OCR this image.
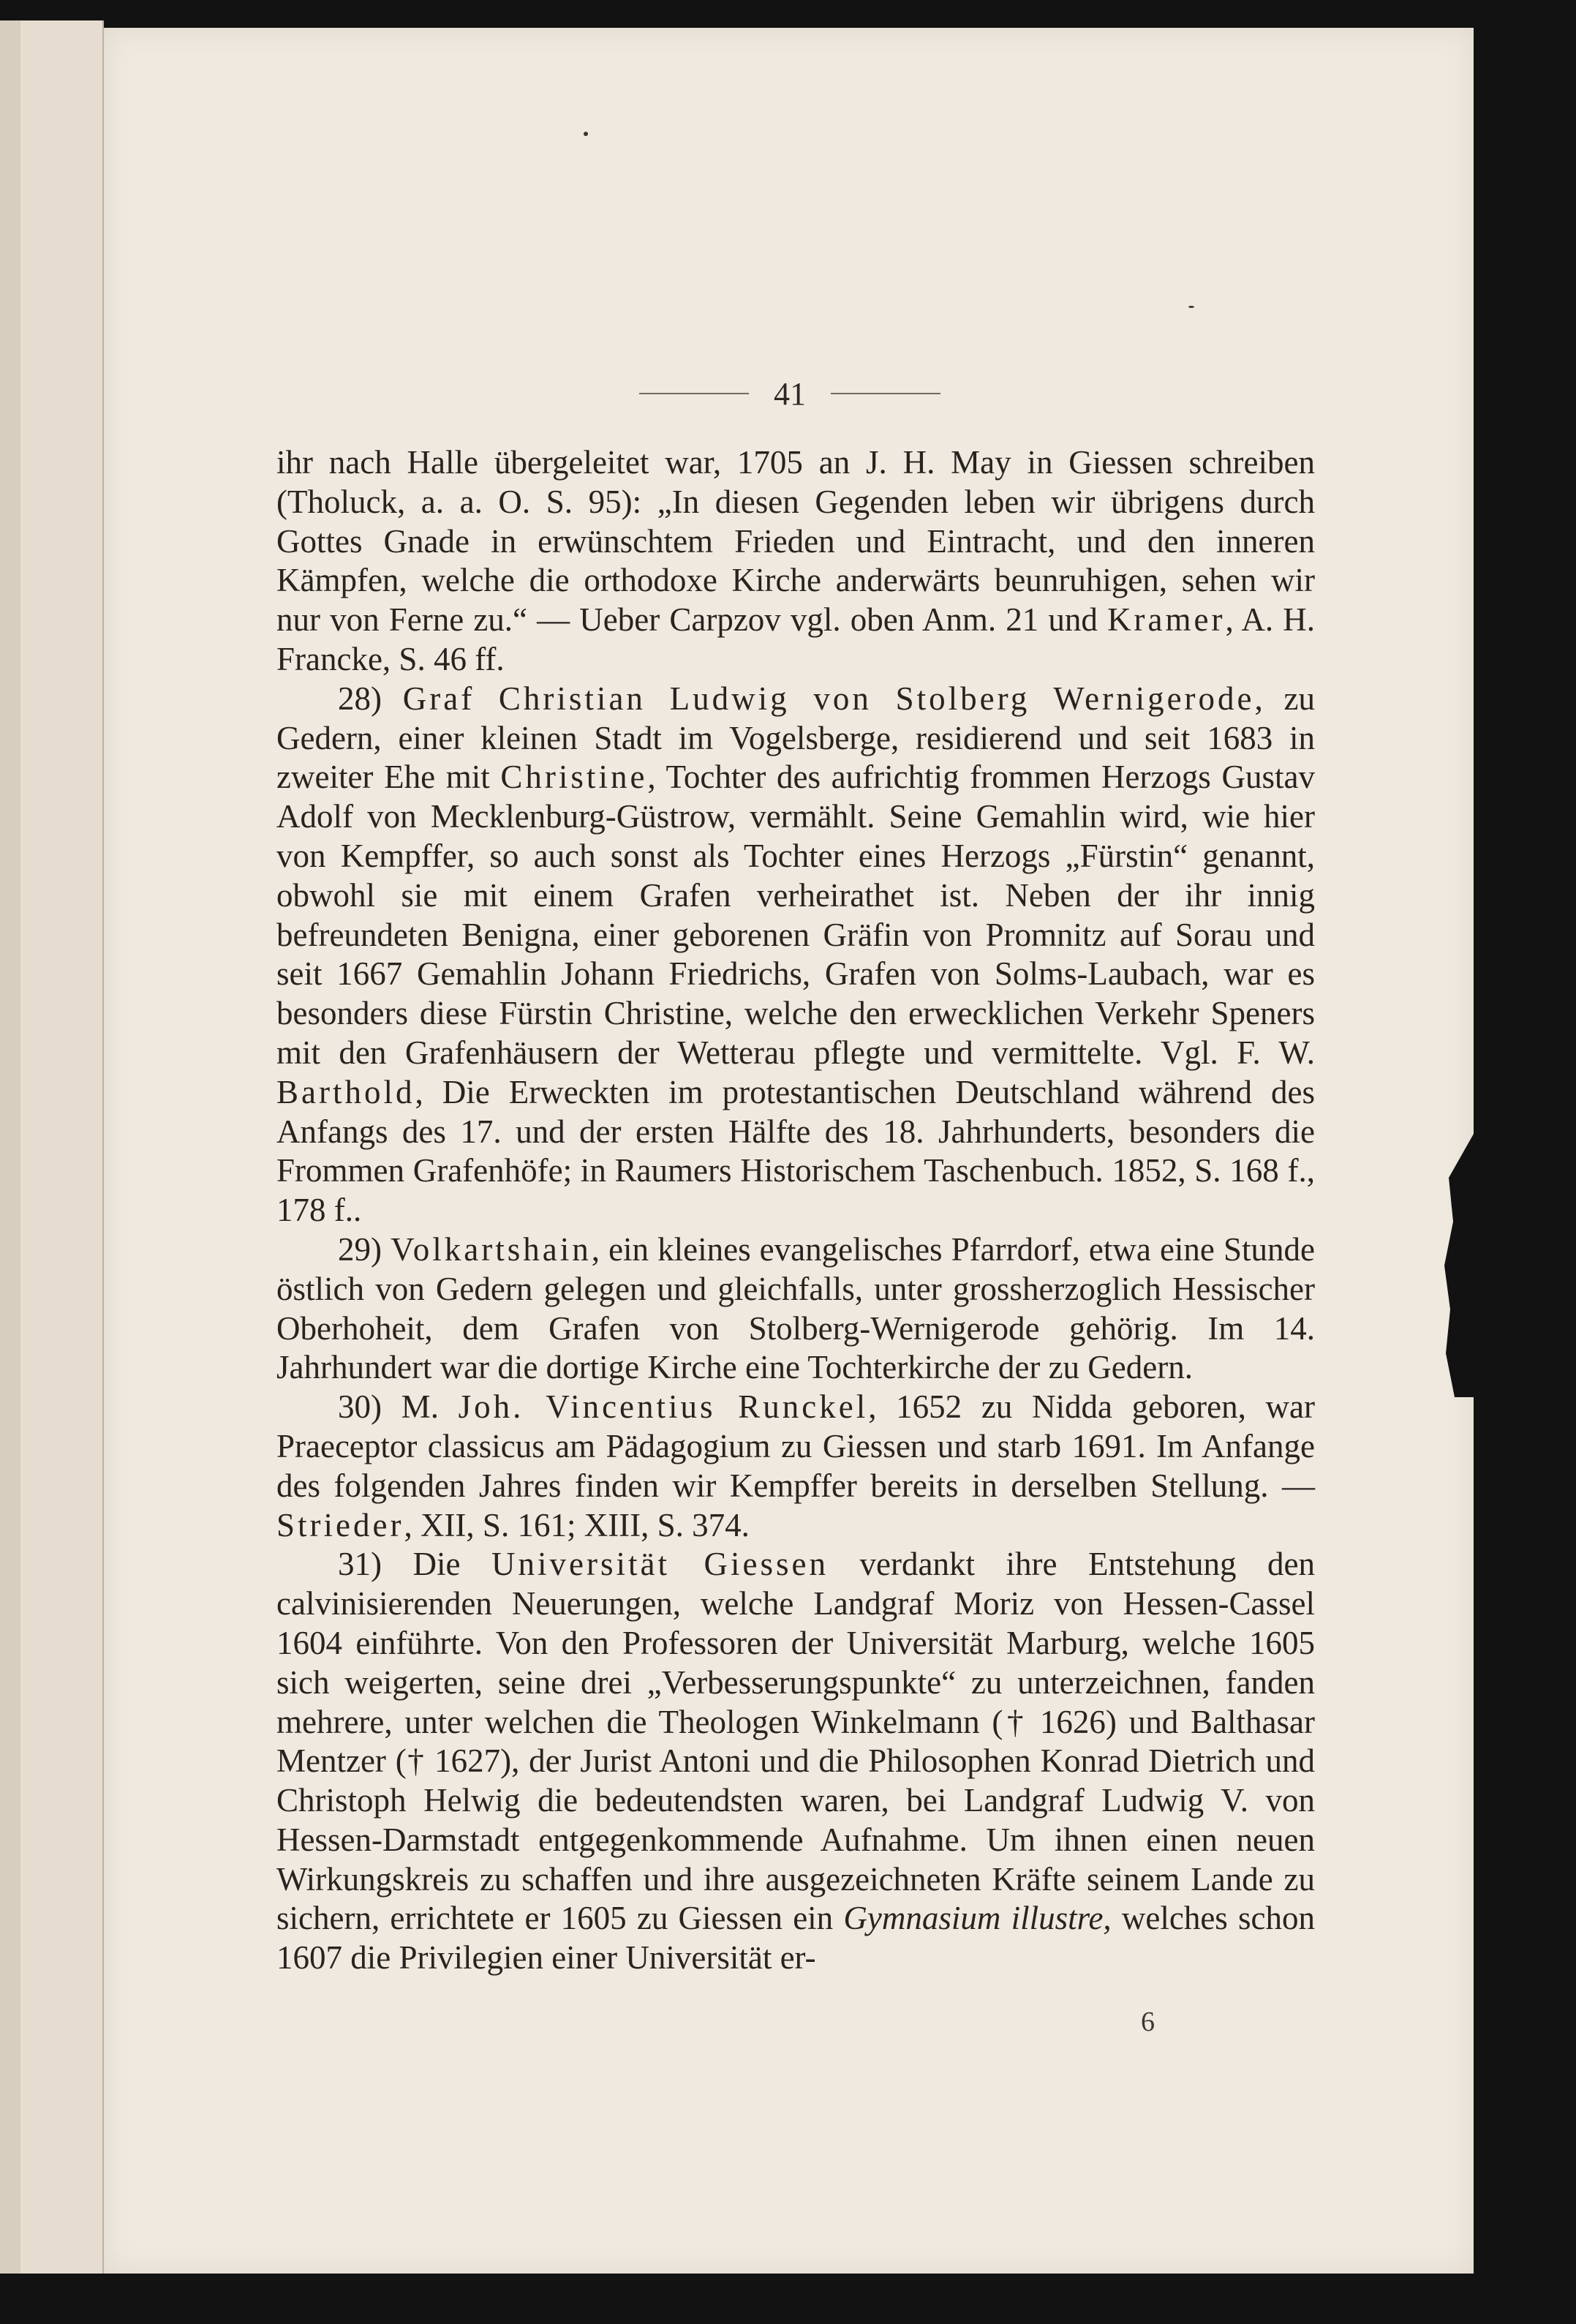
41

ihr nach Halle übergeleitet war, 1705 an J. H. May in Giessen schreiben (Tholuck, a. a. O. S. 95): „In diesen Gegenden leben wir übrigens durch Gottes Gnade in erwünschtem Frieden und Eintracht, und den inneren Kämpfen, welche die orthodoxe Kirche anderwärts beunruhigen, sehen wir nur von Ferne zu.“ — Ueber Carpzov vgl. oben Anm. 21 und Kramer, A. H. Francke, S. 46 ff.

28) Graf Christian Ludwig von Stolberg Wernigerode, zu Gedern, einer kleinen Stadt im Vogelsberge, residierend und seit 1683 in zweiter Ehe mit Christine, Tochter des aufrichtig frommen Herzogs Gustav Adolf von Mecklenburg-Güstrow, vermählt. Seine Gemahlin wird, wie hier von Kempffer, so auch sonst als Tochter eines Herzogs „Fürstin“ genannt, obwohl sie mit einem Grafen verheirathet ist. Neben der ihr innig befreundeten Benigna, einer geborenen Gräfin von Promnitz auf Sorau und seit 1667 Gemahlin Johann Friedrichs, Grafen von Solms-Laubach, war es besonders diese Fürstin Christine, welche den erwecklichen Verkehr Speners mit den Grafenhäusern der Wetterau pflegte und vermittelte. Vgl. F. W. Barthold, Die Erweckten im protestantischen Deutschland während des Anfangs des 17. und der ersten Hälfte des 18. Jahrhunderts, besonders die Frommen Grafenhöfe; in Raumers Historischem Taschenbuch. 1852, S. 168 f., 178 f..

29) Volkartshain, ein kleines evangelisches Pfarrdorf, etwa eine Stunde östlich von Gedern gelegen und gleichfalls, unter grossherzoglich Hessischer Oberhoheit, dem Grafen von Stolberg-Wernigerode gehörig. Im 14. Jahrhundert war die dortige Kirche eine Tochterkirche der zu Gedern.

30) M. Joh. Vincentius Runckel, 1652 zu Nidda geboren, war Praeceptor classicus am Pädagogium zu Giessen und starb 1691. Im Anfange des folgenden Jahres finden wir Kempffer bereits in derselben Stellung. — Strieder, XII, S. 161; XIII, S. 374.

31) Die Universität Giessen verdankt ihre Entstehung den calvinisierenden Neuerungen, welche Landgraf Moriz von Hessen-Cassel 1604 einführte. Von den Professoren der Universität Marburg, welche 1605 sich weigerten, seine drei „Verbesserungspunkte“ zu unterzeichnen, fanden mehrere, unter welchen die Theologen Winkelmann († 1626) und Balthasar Mentzer († 1627), der Jurist Antoni und die Philosophen Konrad Dietrich und Christoph Helwig die bedeutendsten waren, bei Landgraf Ludwig V. von Hessen-Darmstadt entgegenkommende Aufnahme. Um ihnen einen neuen Wirkungskreis zu schaffen und ihre ausgezeichneten Kräfte seinem Lande zu sichern, errichtete er 1605 zu Giessen ein Gymnasium illustre, welches schon 1607 die Privilegien einer Universität er-

6
